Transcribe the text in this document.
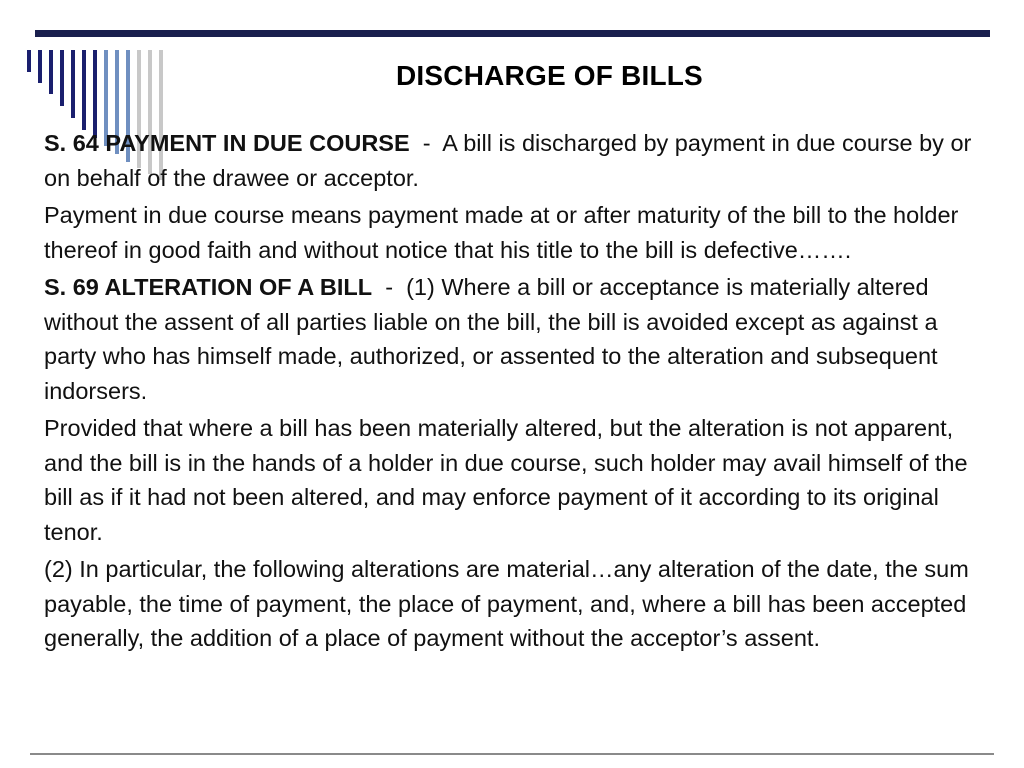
DISCHARGE OF BILLS

S. 64 PAYMENT IN DUE COURSE  -  A bill is discharged by payment in due course by or on behalf of the drawee or acceptor.

Payment in due course means payment made at or after maturity of the bill to the holder thereof in good faith and without notice that his title to the bill is defective…….

S. 69 ALTERATION OF A BILL  -  (1) Where a bill or acceptance is materially altered without the assent of all parties liable on the bill, the bill is avoided except as against a party who has himself made, authorized, or assented to the alteration and subsequent indorsers.

Provided that where a bill has been materially altered, but the alteration is not apparent, and the bill is in the hands of a holder in due course, such holder may avail himself of the bill as if it had not been altered, and may enforce payment of it according to its original tenor.

(2) In particular, the following alterations are material…any alteration of the date, the sum payable, the time of payment, the place of payment, and, where a bill has been accepted generally, the addition of a place of payment without the acceptor’s assent.
